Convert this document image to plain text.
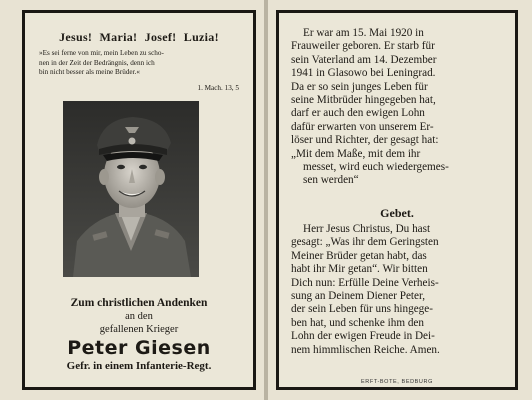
Jesus! Maria! Josef! Luzia!
»Es sei ferne von mir, mein Leben zu scho-
nen in der Zeit der Bedrängnis, denn ich
bin nicht besser als meine Brüder.«
1. Mach. 13, 5
Zum christlichen Andenken
an den
gefallenen Krieger
Peter Giesen
Gefr. in einem Infanterie-Regt.
Er war am 15. Mai 1920 in
Frauweiler geboren. Er starb für
sein Vaterland am 14. Dezember
1941 in Glasowo bei Leningrad.
Da er so sein junges Leben für
seine Mitbrüder hingegeben hat,
darf er auch den ewigen Lohn
dafür erwarten von unserem Er-
löser und Richter, der gesagt hat:
„Mit dem Maße, mit dem ihr
messet, wird euch wiedergemes-
sen werden“
Gebet.
Herr Jesus Christus, Du hast
gesagt: „Was ihr dem Geringsten
Meiner Brüder getan habt, das
habt ihr Mir getan“. Wir bitten
Dich nun: Erfülle Deine Verheis-
sung an Deinem Diener Peter,
der sein Leben für uns hingege-
ben hat, und schenke ihm den
Lohn der ewigen Freude in Dei-
nem himmlischen Reiche. Amen.
ERFT-BOTE, BEDBURG
